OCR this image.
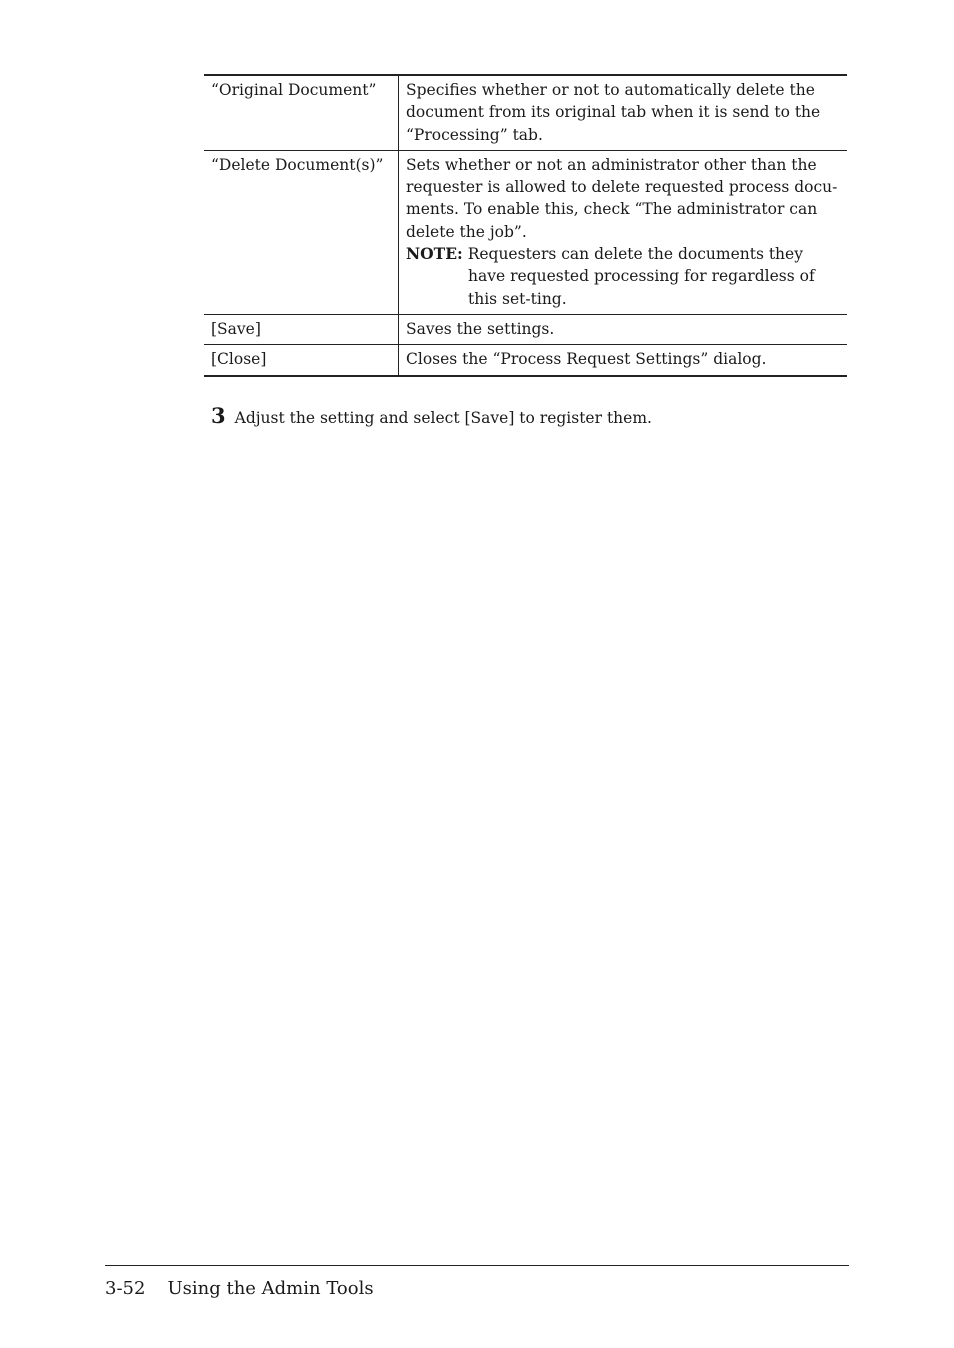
“Original Document”	Specifies whether or not to automatically delete the document from its original tab when it is send to the “Processing” tab.
“Delete Document(s)”	Sets whether or not an administrator other than the requester is allowed to delete requested process docu-ments. To enable this, check “The administrator can delete the job”.
NOTE: Requesters can delete the documents they have requested processing for regardless of this set-ting.

[Save]	Saves the settings.
[Close]	Closes the “Process Request Settings” dialog.
3 Adjust the setting and select [Save] to register them.
3-52 Using the Admin Tools
